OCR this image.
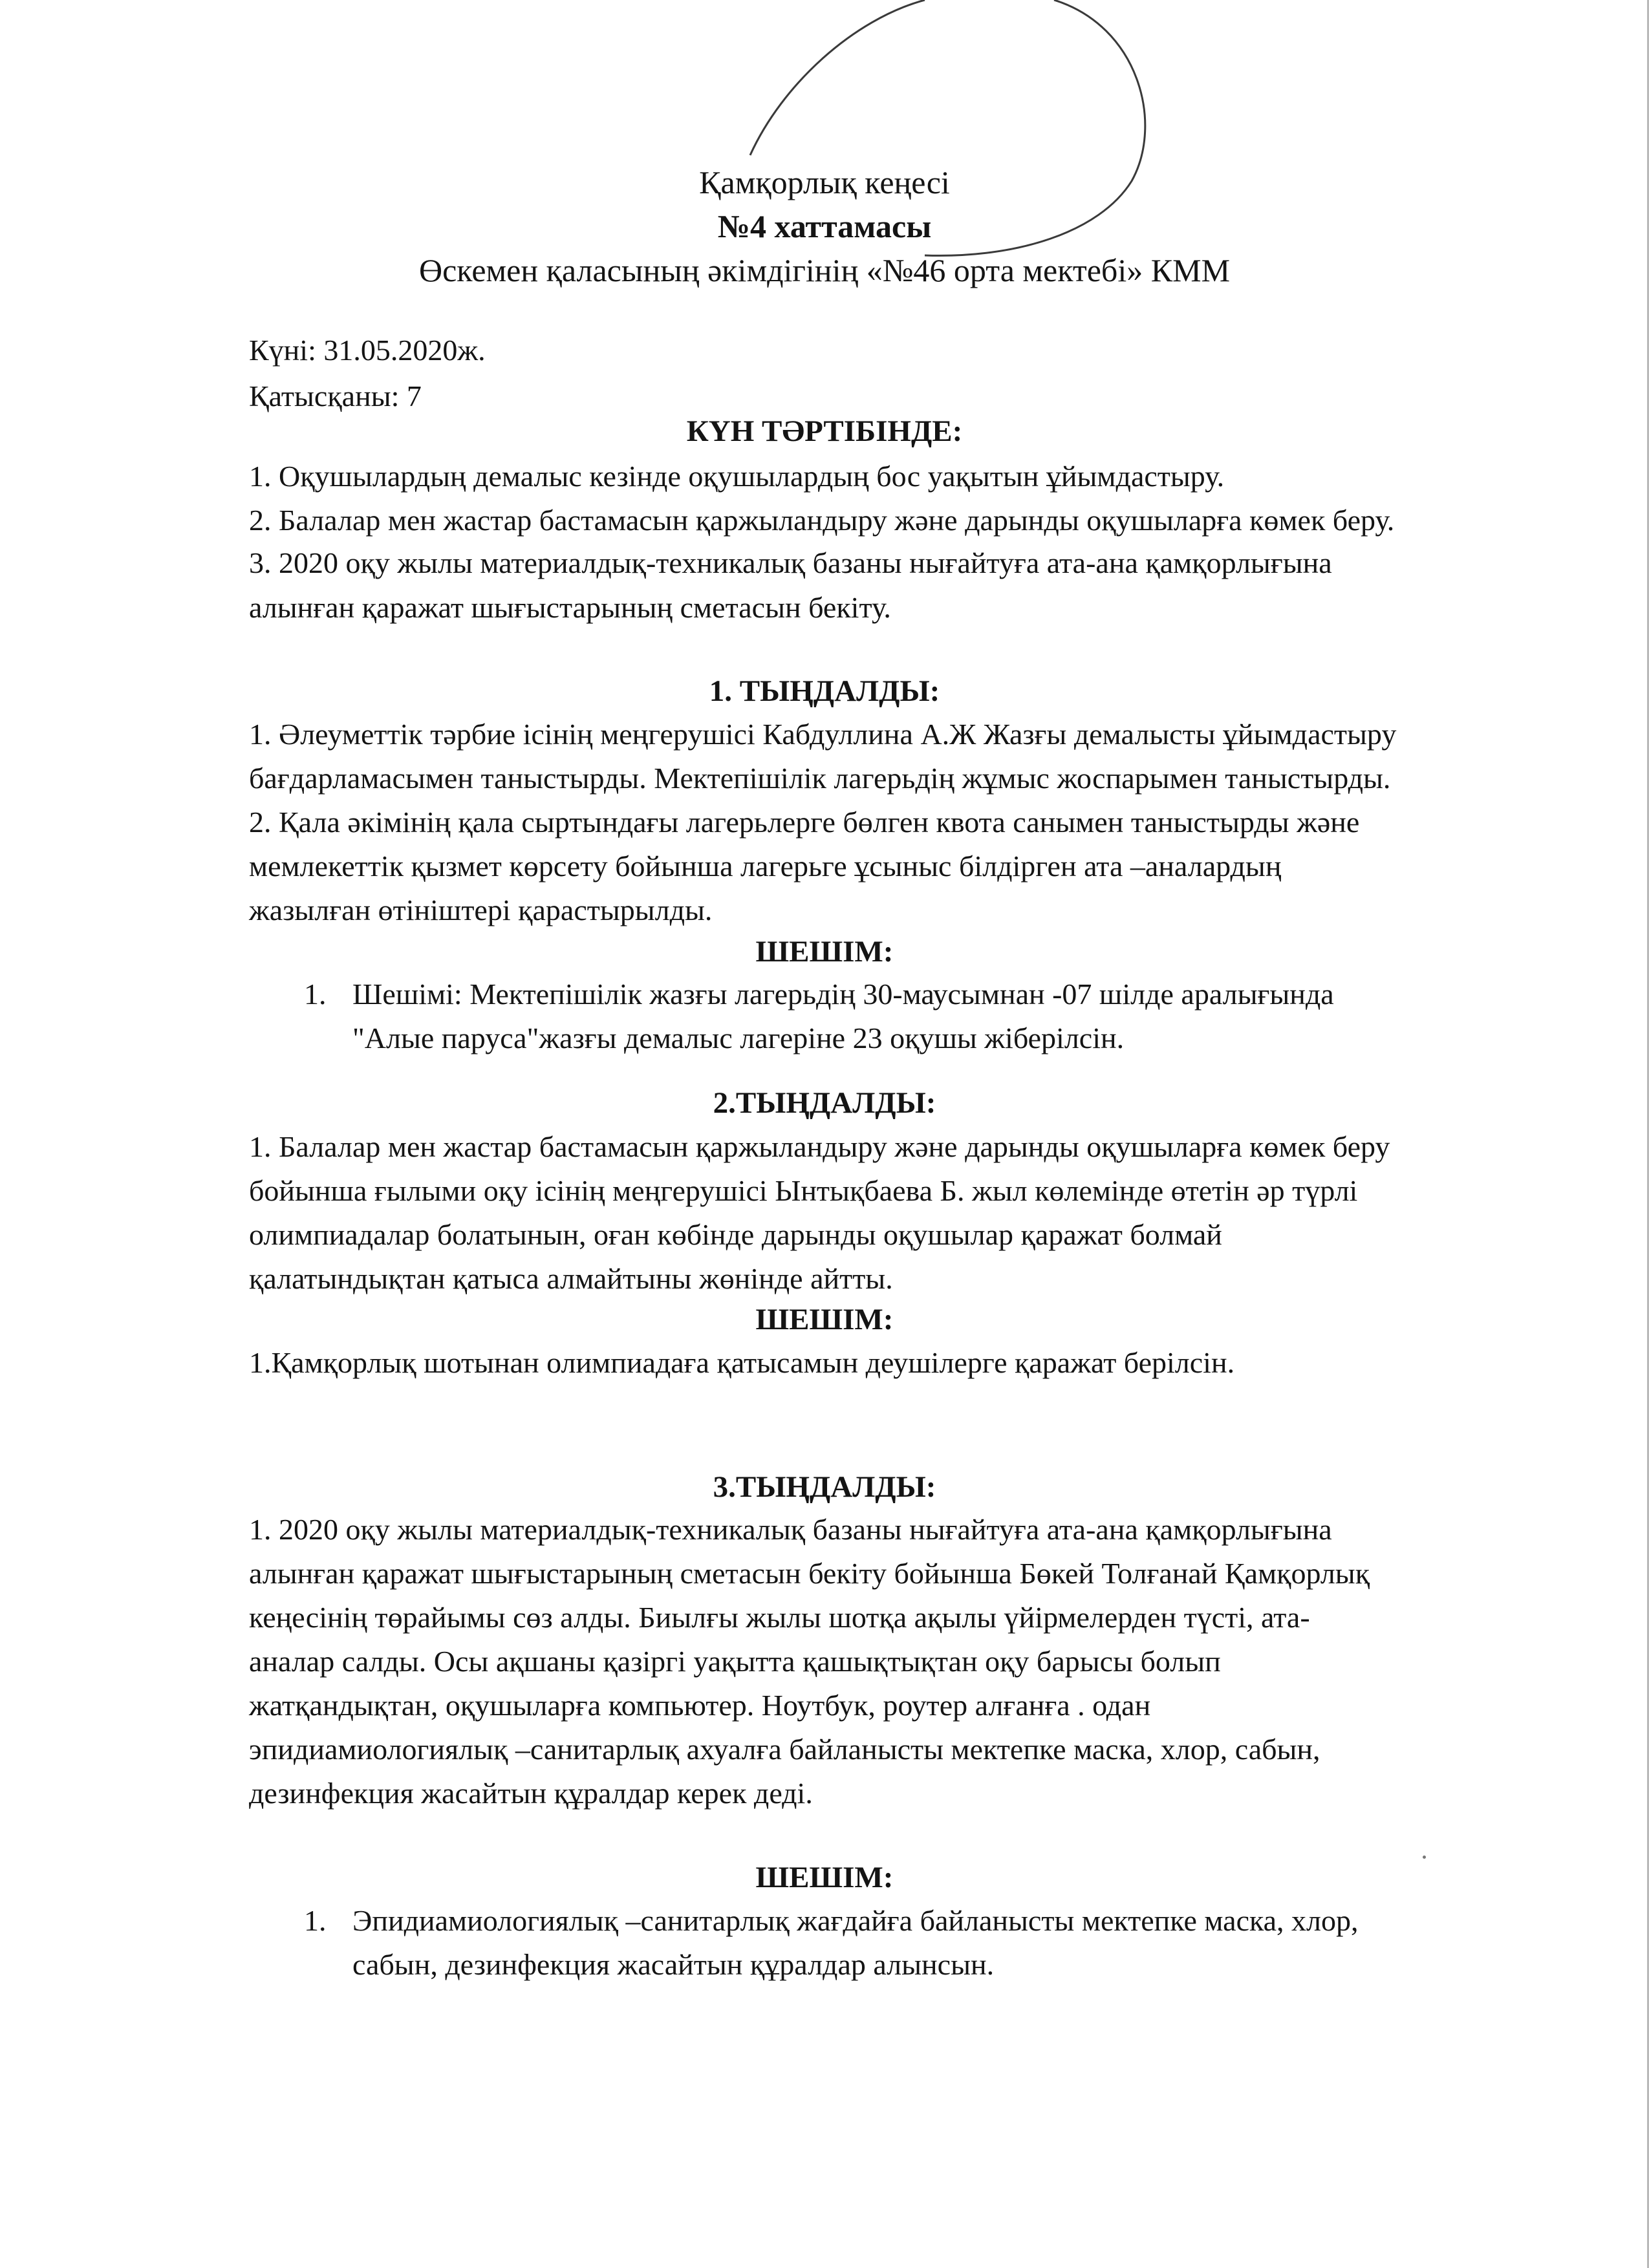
Қамқорлық кеңесі
№4 хаттамасы
Өскемен қаласының әкімдігінің «№46 орта мектебі» КММ
Күні: 31.05.2020ж.
Қатысқаны: 7
КҮН ТӘРТІБІНДЕ:
1. Оқушылардың демалыс кезінде оқушылардың бос уақытын ұйымдастыру.
2. Балалар мен жастар бастамасын қаржыландыру және дарынды оқушыларға көмек беру.
3. 2020 оқу жылы материалдық-техникалық базаны нығайтуға ата-ана қамқорлығына
алынған қаражат шығыстарының сметасын бекіту.
1. ТЫҢДАЛДЫ:
1. Әлеуметтік тәрбие ісінің меңгерушісі Кабдуллина А.Ж Жазғы демалысты ұйымдастыру
бағдарламасымен таныстырды. Мектепішілік лагерьдің жұмыс жоспарымен таныстырды.
2. Қала әкімінің қала сыртындағы лагерьлерге бөлген квота санымен таныстырды және
мемлекеттік қызмет көрсету бойынша лагерьге ұсыныс білдірген ата –аналардың
жазылған өтініштері қарастырылды.
ШЕШІМ:
1. Шешімі: Мектепішілік жазғы лагерьдің 30-маусымнан -07 шілде аралығында
"Алые паруса"жазғы демалыс лагеріне 23 оқушы жіберілсін.
2.ТЫҢДАЛДЫ:
1. Балалар мен жастар бастамасын қаржыландыру және дарынды оқушыларға көмек беру
бойынша ғылыми оқу ісінің меңгерушісі Ынтықбаева Б. жыл көлемінде өтетін әр түрлі
олимпиадалар болатынын, оған көбінде дарынды оқушылар қаражат болмай
қалатындықтан қатыса алмайтыны жөнінде айтты.
ШЕШІМ:
1.Қамқорлық шотынан олимпиадаға қатысамын деушілерге қаражат берілсін.
3.ТЫҢДАЛДЫ:
1. 2020 оқу жылы материалдық-техникалық базаны нығайтуға ата-ана қамқорлығына
алынған қаражат шығыстарының сметасын бекіту бойынша Бөкей Толғанай Қамқорлық
кеңесінің төрайымы сөз алды. Биылғы жылы шотқа ақылы үйірмелерден түсті, ата-
аналар салды. Осы ақшаны қазіргі уақытта қашықтықтан оқу барысы болып
жатқандықтан, оқушыларға компьютер. Ноутбук, роутер алғанға . одан
эпидиамиологиялық –санитарлық ахуалға байланысты мектепке маска, хлор, сабын,
дезинфекция жасайтын құралдар керек деді.
ШЕШІМ:
1. Эпидиамиологиялық –санитарлық жағдайға байланысты мектепке маска, хлор,
сабын, дезинфекция жасайтын құралдар алынсын.
